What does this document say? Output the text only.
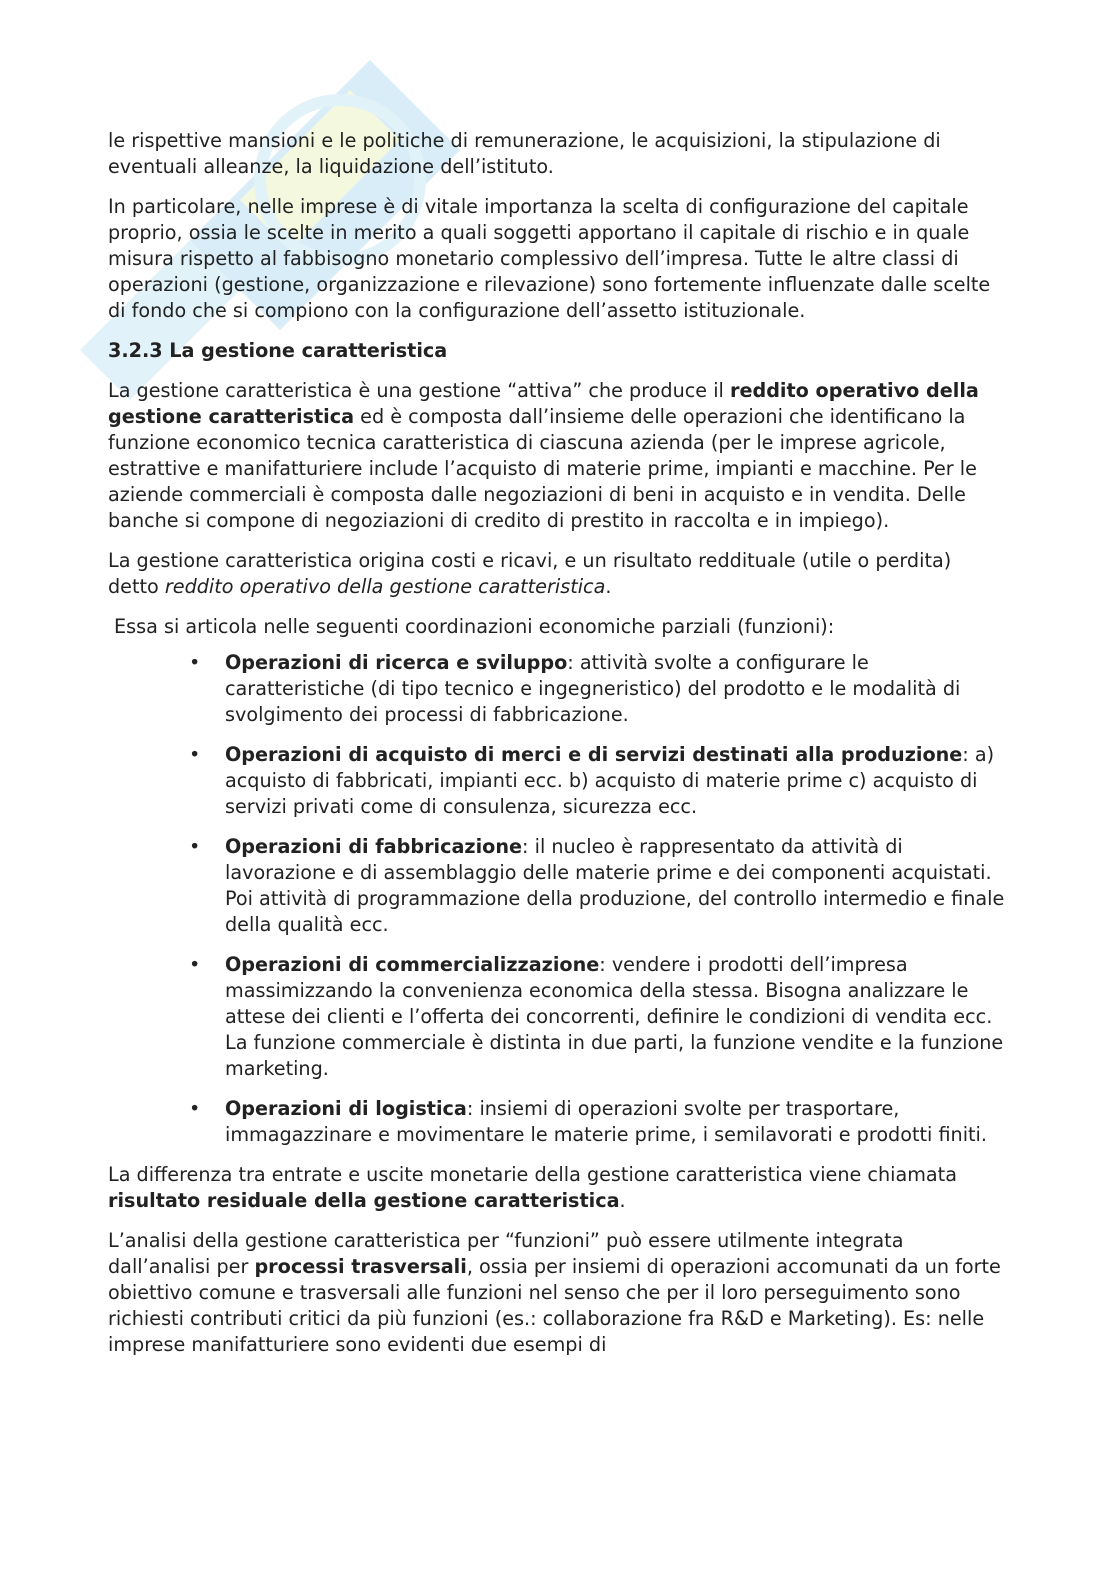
le rispettive mansioni e le politiche di remunerazione, le acquisizioni, la stipulazione di eventuali alleanze, la liquidazione dell’istituto.

In particolare, nelle imprese è di vitale importanza la scelta di configurazione del capitale proprio, ossia le scelte in merito a quali soggetti apportano il capitale di rischio e in quale misura rispetto al fabbisogno monetario complessivo dell’impresa. Tutte le altre classi di operazioni (gestione, organizzazione e rilevazione) sono fortemente influenzate dalle scelte di fondo che si compiono con la configurazione dell’assetto istituzionale.

3.2.3 La gestione caratteristica

La gestione caratteristica è una gestione “attiva” che produce il reddito operativo della gestione caratteristica ed è composta dall’insieme delle operazioni che identificano la funzione economico tecnica caratteristica di ciascuna azienda (per le imprese agricole, estrattive e manifatturiere include l’acquisto di materie prime, impianti e macchine. Per le aziende commerciali è composta dalle negoziazioni di beni in acquisto e in vendita. Delle banche si compone di negoziazioni di credito di prestito in raccolta e in impiego).

La gestione caratteristica origina costi e ricavi, e un risultato reddituale (utile o perdita) detto reddito operativo della gestione caratteristica.

Essa si articola nelle seguenti coordinazioni economiche parziali (funzioni):

• Operazioni di ricerca e sviluppo: attività svolte a configurare le caratteristiche (di tipo tecnico e ingegneristico) del prodotto e le modalità di svolgimento dei processi di fabbricazione.
• Operazioni di acquisto di merci e di servizi destinati alla produzione: a) acquisto di fabbricati, impianti ecc. b) acquisto di materie prime c) acquisto di servizi privati come di consulenza, sicurezza ecc.
• Operazioni di fabbricazione: il nucleo è rappresentato da attività di lavorazione e di assemblaggio delle materie prime e dei componenti acquistati. Poi attività di programmazione della produzione, del controllo intermedio e finale della qualità ecc.
• Operazioni di commercializzazione: vendere i prodotti dell’impresa massimizzando la convenienza economica della stessa. Bisogna analizzare le attese dei clienti e l’offerta dei concorrenti, definire le condizioni di vendita ecc. La funzione commerciale è distinta in due parti, la funzione vendite e la funzione marketing.
• Operazioni di logistica: insiemi di operazioni svolte per trasportare, immagazzinare e movimentare le materie prime, i semilavorati e prodotti finiti.

La differenza tra entrate e uscite monetarie della gestione caratteristica viene chiamata risultato residuale della gestione caratteristica.

L’analisi della gestione caratteristica per “funzioni” può essere utilmente integrata dall’analisi per processi trasversali, ossia per insiemi di operazioni accomunati da un forte obiettivo comune e trasversali alle funzioni nel senso che per il loro perseguimento sono richiesti contributi critici da più funzioni (es.: collaborazione fra R&D e Marketing). Es: nelle imprese manifatturiere sono evidenti due esempi di
